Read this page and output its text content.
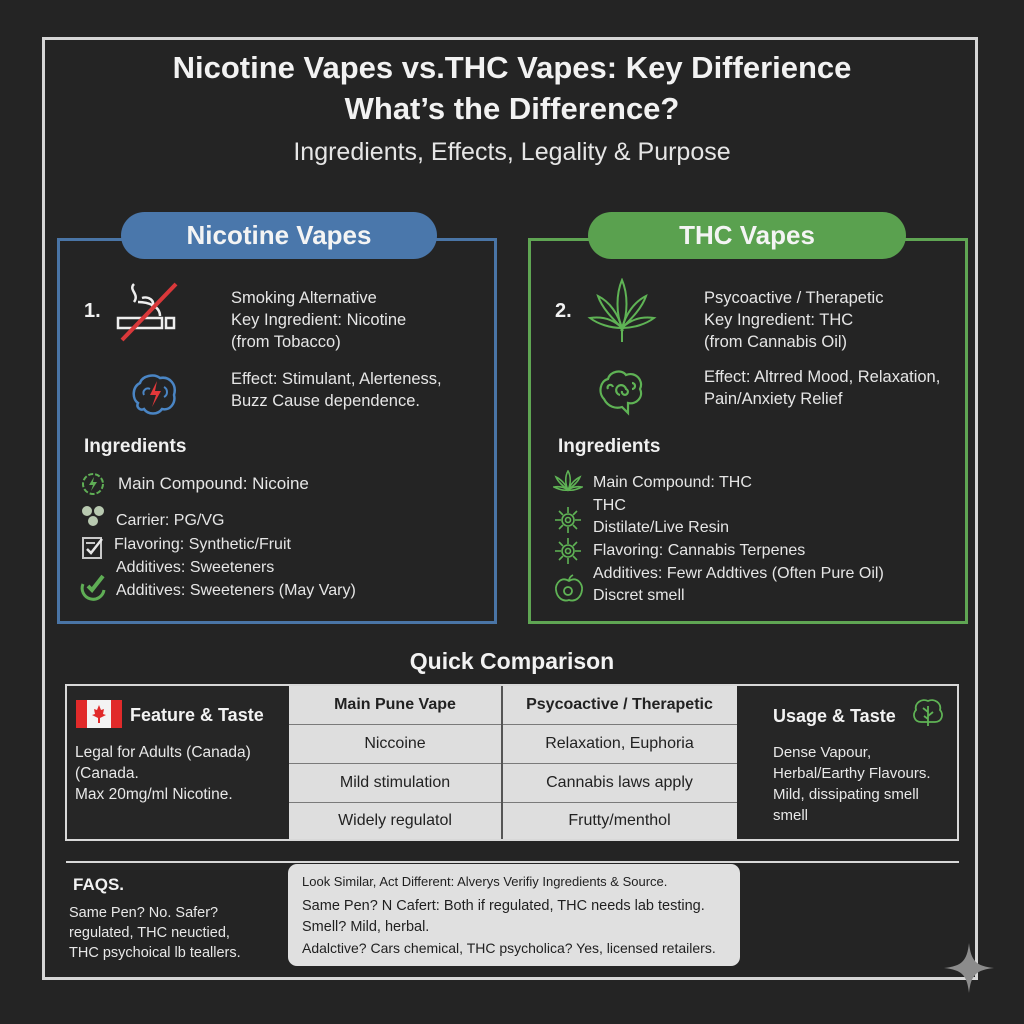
Nicotine Vapes vs.THC Vapes: Key Differience
What’s the Difference?
Ingredients, Effects, Legality & Purpose
Nicotine Vapes
1.
Smoking Alternative
Key Ingredient: Nicotine
(from Tobacco)
Effect: Stimulant, Alerteness,
Buzz Cause dependence.
Ingredients
Main Compound: Nicoine
Carrier: PG/VG
Flavoring: Synthetic/Fruit
Additives: Sweeteners
Additives: Sweeteners (May Vary)
THC Vapes
2.
Psycoactive / Therapetic
Key Ingredient: THC
(from Cannabis Oil)
Effect: Altrred Mood, Relaxation,
Pain/Anxiety Relief
Ingredients
Main Compound: THC
THC
Distilate/Live Resin
Flavoring: Cannabis Terpenes
Additives: Fewr Addtives (Often Pure Oil)
Discret smell
Quick Comparison
Feature & Taste
Legal for Adults (Canada)
(Canada.
Max 20mg/ml Nicotine.
Main Pune Vape	Psycoactive / Therapetic
Niccoine	Relaxation, Euphoria
Mild stimulation	Cannabis laws apply
Widely regulatol	Frutty/menthol
Usage & Taste
Dense Vapour,
Herbal/Earthy Flavours.
Mild, dissipating smell
smell
FAQS.
Same Pen? No. Safer?
regulated, THC neuctied,
THC psychoical lb teallers.
Look Similar, Act Different: Alverys Verifiy Ingredients & Source.
Same Pen? N Cafert: Both if regulated, THC needs lab testing.
Smell? Mild, herbal.
Adalctive? Cars chemical, THC psycholica? Yes, licensed retailers.
